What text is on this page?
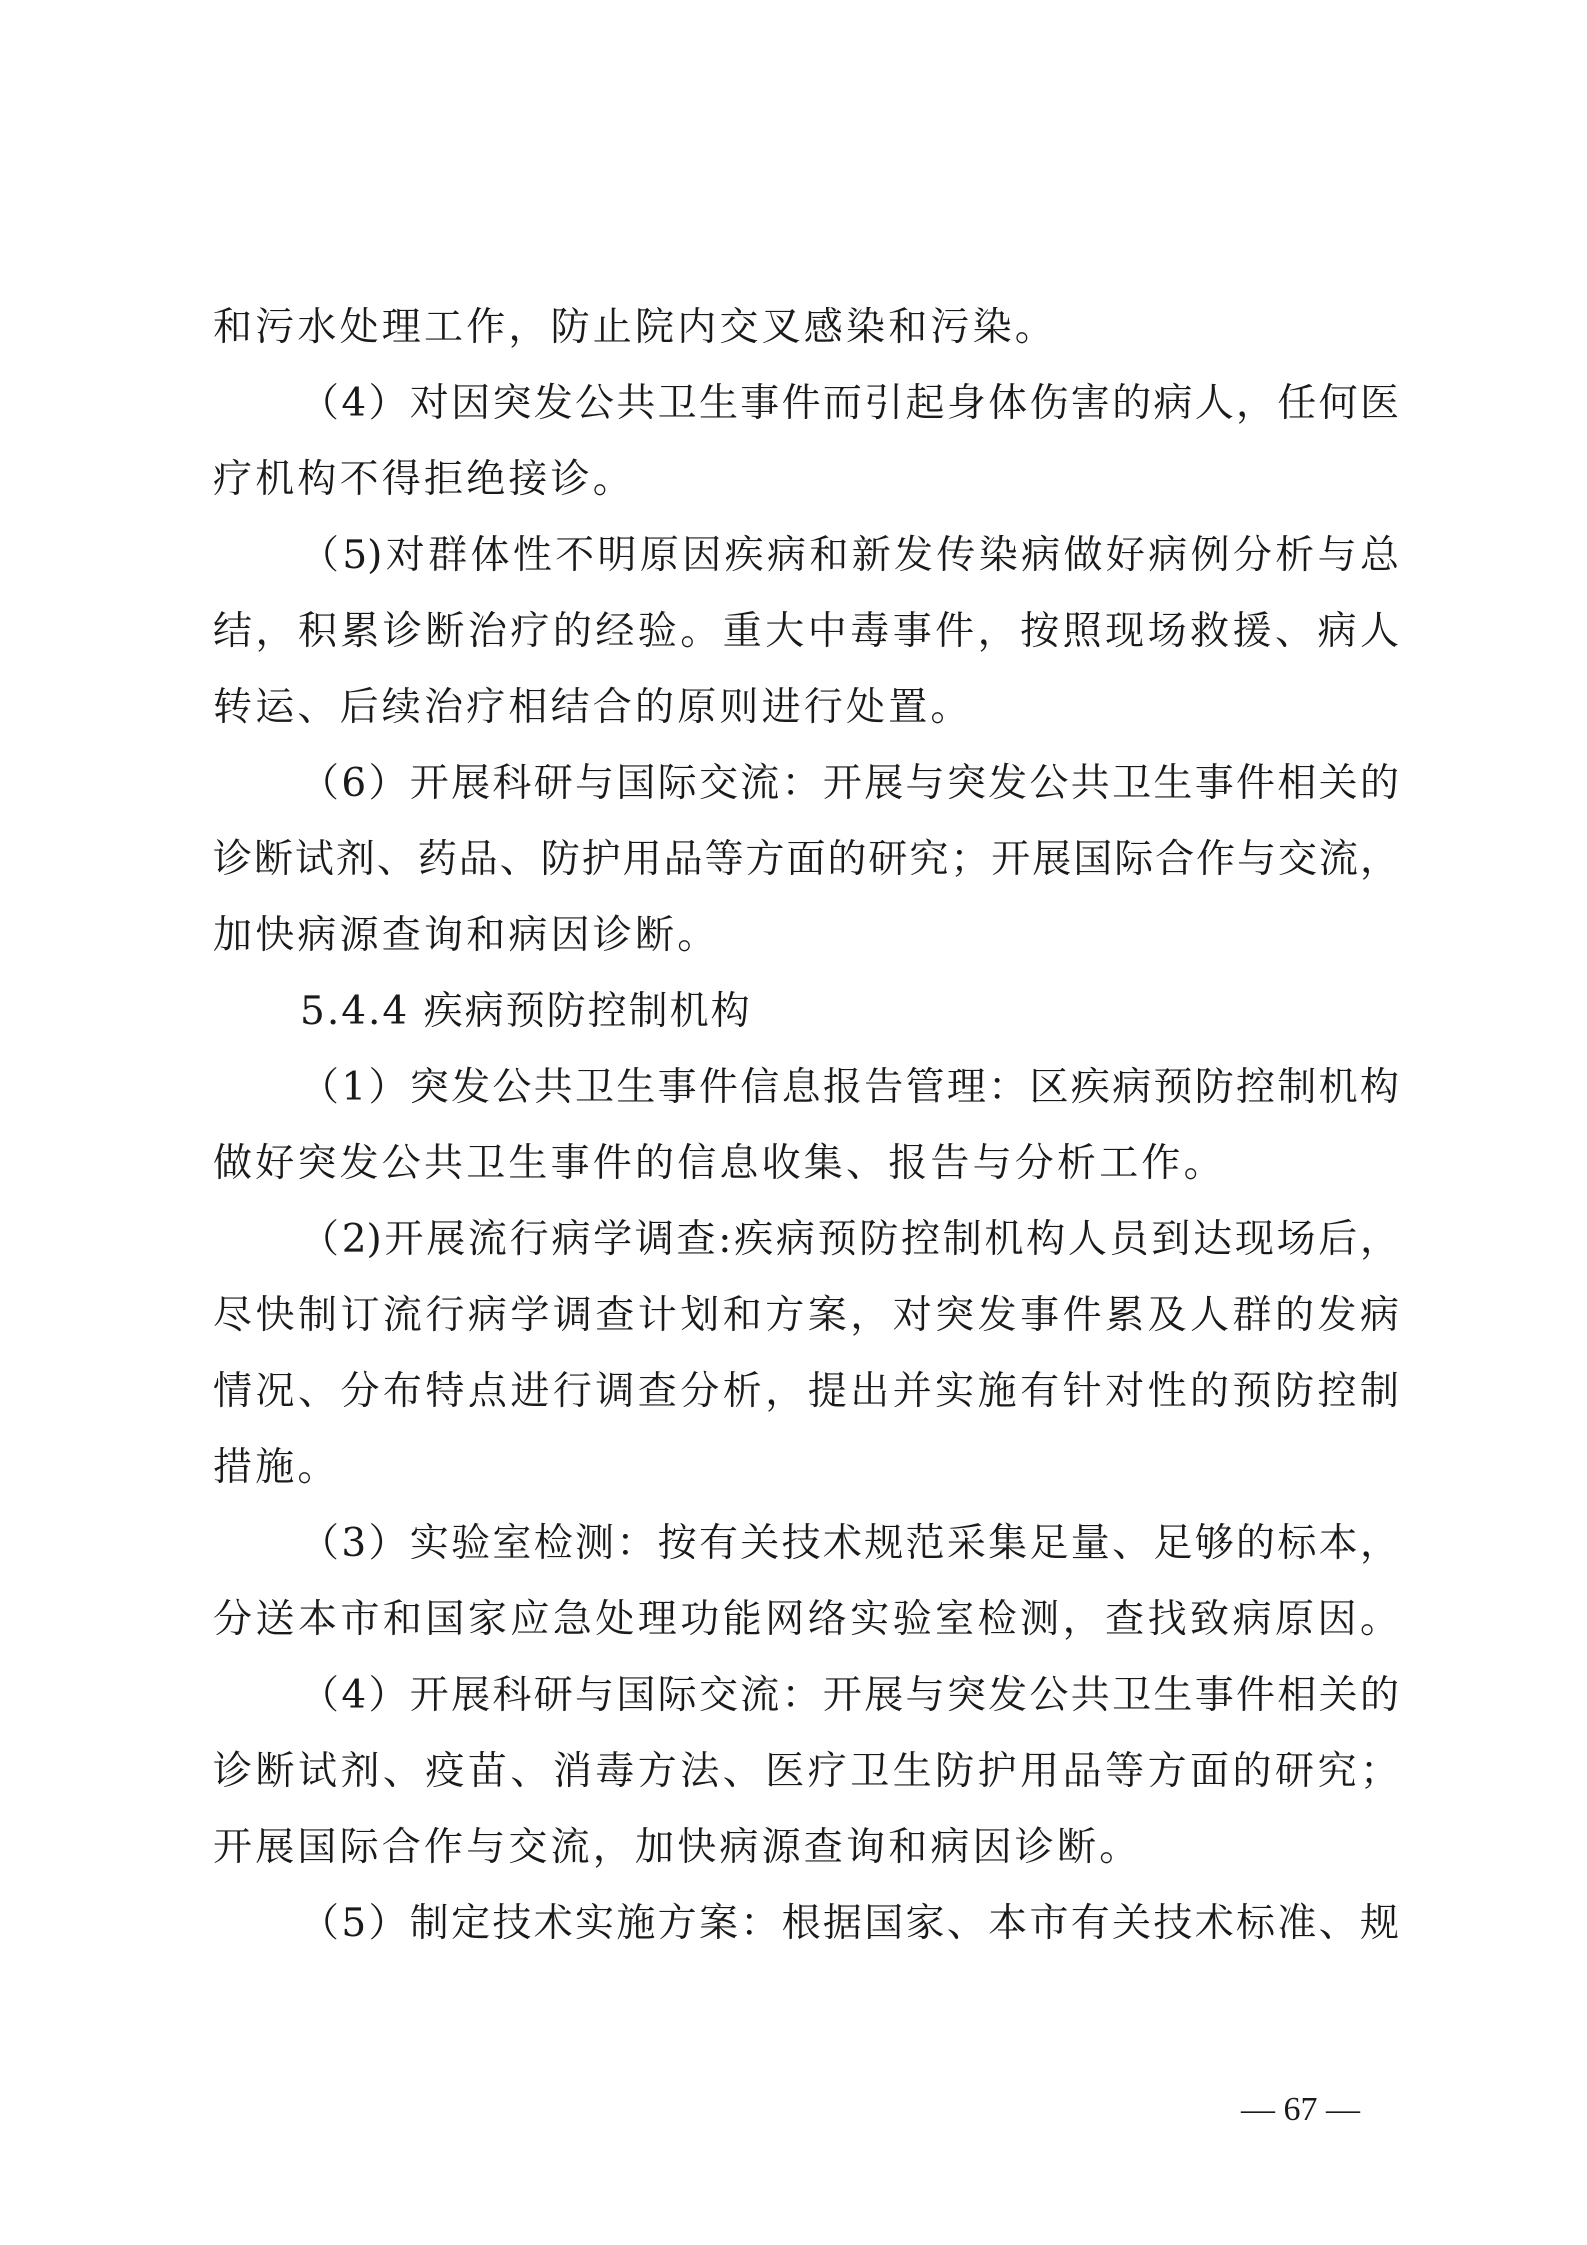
和污水处理工作，防止院内交叉感染和污染。
（4）对因突发公共卫生事件而引起身体伤害的病人，任何医
疗机构不得拒绝接诊。
（5)对群体性不明原因疾病和新发传染病做好病例分析与总
结，积累诊断治疗的经验。重大中毒事件，按照现场救援、病人
转运、后续治疗相结合的原则进行处置。
（6）开展科研与国际交流：开展与突发公共卫生事件相关的
诊断试剂、药品、防护用品等方面的研究；开展国际合作与交流，
加快病源查询和病因诊断。
5.4.4 疾病预防控制机构
（1）突发公共卫生事件信息报告管理：区疾病预防控制机构
做好突发公共卫生事件的信息收集、报告与分析工作。
（2)开展流行病学调查:疾病预防控制机构人员到达现场后，
尽快制订流行病学调查计划和方案，对突发事件累及人群的发病
情况、分布特点进行调查分析，提出并实施有针对性的预防控制
措施。
（3）实验室检测：按有关技术规范采集足量、足够的标本，
分送本市和国家应急处理功能网络实验室检测，查找致病原因。
（4）开展科研与国际交流：开展与突发公共卫生事件相关的
诊断试剂、疫苗、消毒方法、医疗卫生防护用品等方面的研究；
开展国际合作与交流，加快病源查询和病因诊断。
（5）制定技术实施方案：根据国家、本市有关技术标准、规
— 67 —
